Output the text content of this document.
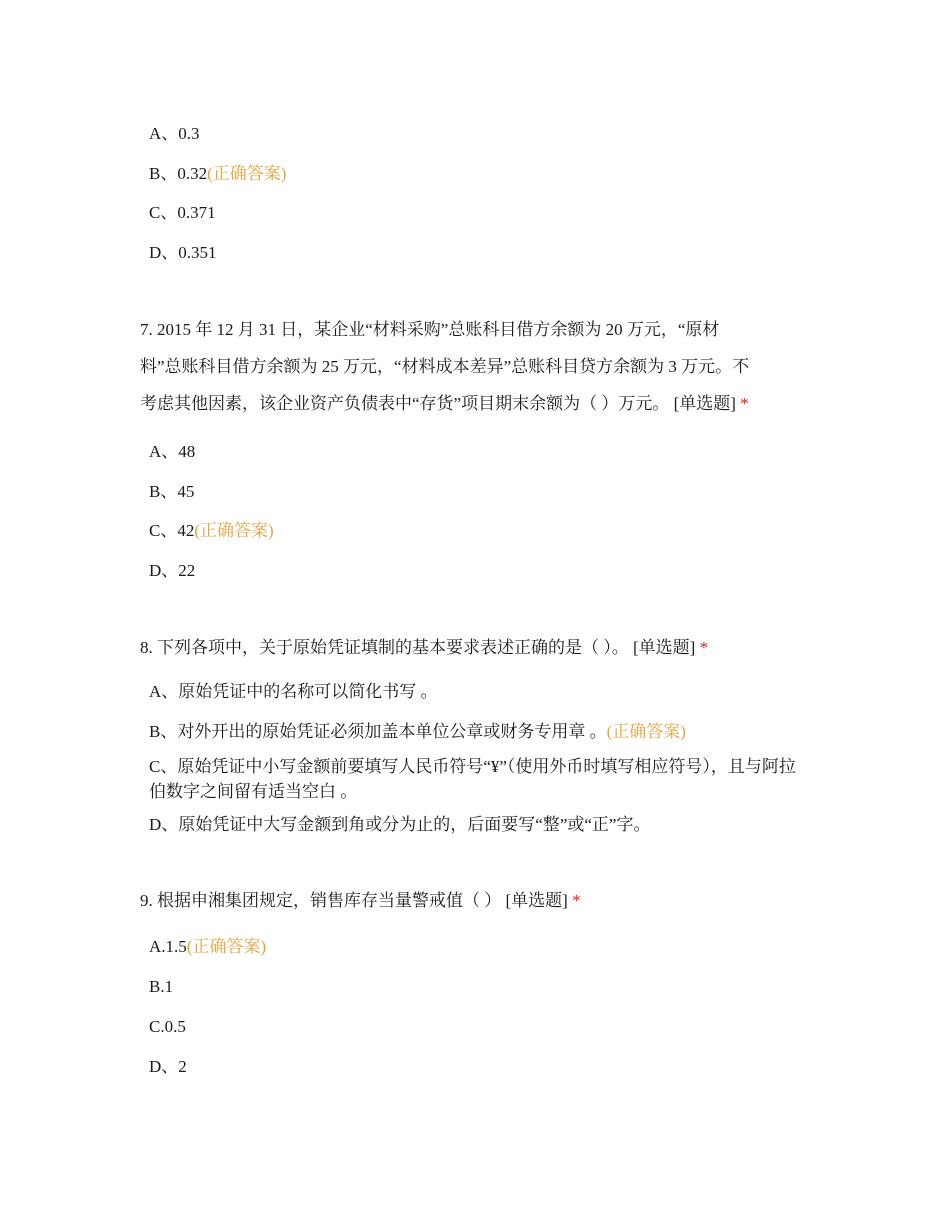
A、0.3
B、0.32(正确答案)
C、0.371
D、0.351
7. 2015 年 12 月 31 日，某企业“材料采购”总账科目借方余额为 20 万元，“原材
料”总账科目借方余额为 25 万元，“材料成本差异”总账科目贷方余额为 3 万元。不
考虑其他因素，该企业资产负债表中“存货”项目期末余额为（ ）万元。 [单选题] *
A、48
B、45
C、42(正确答案)
D、22
8. 下列各项中，关于原始凭证填制的基本要求表述正确的是（ ）。 [单选题] *
A、原始凭证中的名称可以简化书写 。
B、对外开出的原始凭证必须加盖本单位公章或财务专用章 。(正确答案)
C、原始凭证中小写金额前要填写人民币符号“¥”（使用外币时填写相应符号），且与阿拉伯数字之间留有适当空白 。
D、原始凭证中大写金额到角或分为止的，后面要写“整”或“正”字。
9. 根据申湘集团规定，销售库存当量警戒值（ ） [单选题] *
A.1.5(正确答案)
B.1
C.0.5
D、2
